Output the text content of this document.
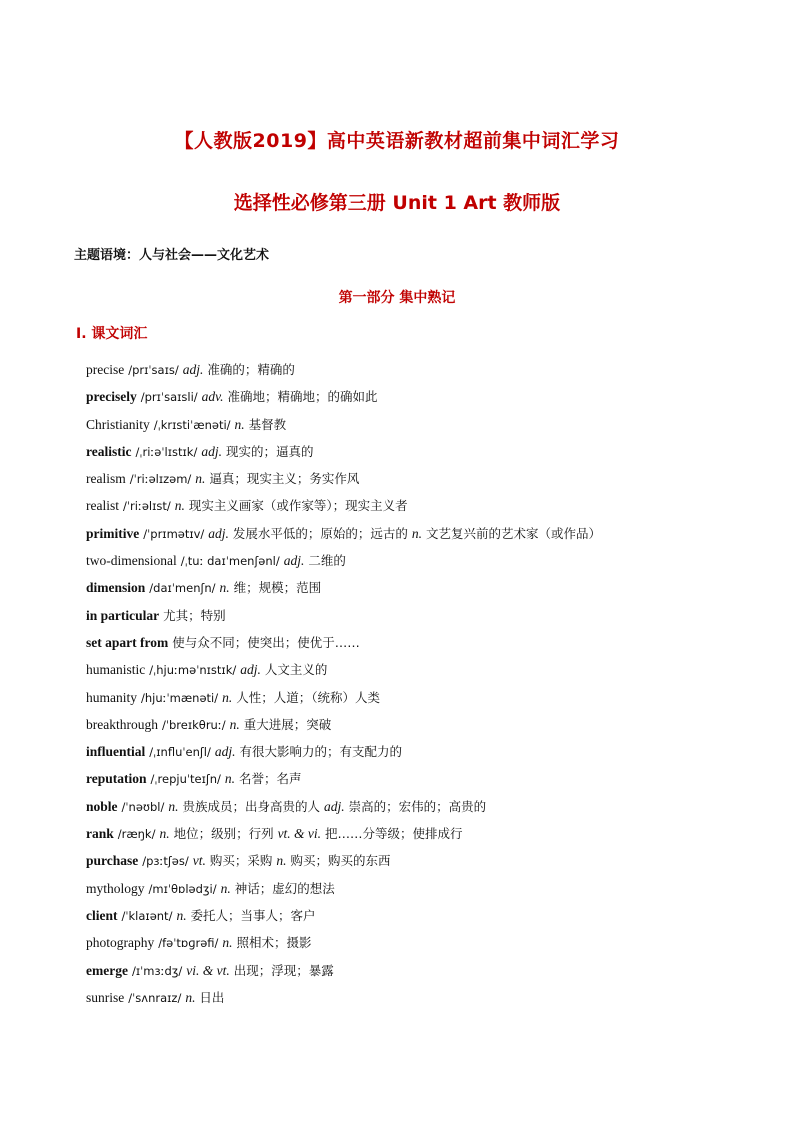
【人教版2019】高中英语新教材超前集中词汇学习
选择性必修第三册 Unit 1 Art 教师版
主题语境：人与社会——文化艺术
第一部分 集中熟记
Ⅰ. 课文词汇
precise /prɪˈsaɪs/ adj. 准确的；精确的
precisely /prɪˈsaɪsli/ adv. 准确地；精确地；的确如此
Christianity /ˌkrɪstiˈænəti/ n. 基督教
realistic /ˌriːəˈlɪstɪk/ adj. 现实的；逼真的
realism /ˈriːəlɪzəm/ n. 逼真；现实主义；务实作风
realist /ˈriːəlɪst/ n. 现实主义画家（或作家等）；现实主义者
primitive /ˈprɪmətɪv/ adj. 发展水平低的；原始的；远古的 n. 文艺复兴前的艺术家（或作品）
two-dimensional /ˌtuː daɪˈmenʃənl/ adj. 二维的
dimension /daɪˈmenʃn/ n. 维；规模；范围
in particular 尤其；特别
set apart from 使与众不同；使突出；使优于……
humanistic /ˌhjuːməˈnɪstɪk/ adj. 人文主义的
humanity /hjuːˈmænəti/ n. 人性；人道；（统称）人类
breakthrough /ˈbreɪkθruː/ n. 重大进展；突破
influential /ˌɪnfluˈenʃl/ adj. 有很大影响力的；有支配力的
reputation /ˌrepjuˈteɪʃn/ n. 名誉；名声
noble /ˈnəʊbl/ n. 贵族成员；出身高贵的人 adj. 崇高的；宏伟的；高贵的
rank /ræŋk/ n. 地位；级别；行列 vt. & vi. 把……分等级；使排成行
purchase /pɜːtʃəs/ vt. 购买；采购 n. 购买；购买的东西
mythology /mɪˈθɒlədʒi/ n. 神话；虚幻的想法
client /ˈklaɪənt/ n. 委托人；当事人；客户
photography /fəˈtɒɡrəfi/ n. 照相术；摄影
emerge /ɪˈmɜːdʒ/ vi. & vt. 出现；浮现；暴露
sunrise /ˈsʌnraɪz/ n. 日出
